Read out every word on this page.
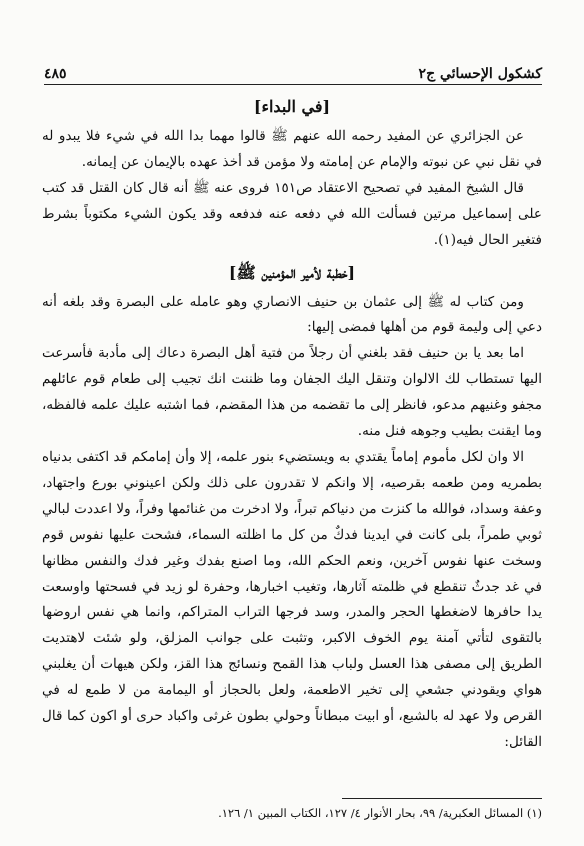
٤٨٥	كشكول الإحسائي ج٢
[في البداء]

عن الجزائري عن المفيد رحمه الله عنهم ﷺ قالوا مهما بدا الله في شيء فلا يبدو له في نقل نبي عن نبوته والإمام عن إمامته ولا مؤمن قد أخذ عهده بالإيمان عن إيمانه.

قال الشيخ المفيد في تصحيح الاعتقاد ص١٥١ فروى عنه ﷺ أنه قال كان القتل قد كتب على إسماعيل مرتين فسألت الله في دفعه عنه فدفعه وقد يكون الشيء مكتوباً بشرط فتغير الحال فيه(١).

[خطبة لأمير المؤمنين ﷺ]

ومن كتاب له ﷺ إلى عثمان بن حنيف الانصاري وهو عامله على البصرة وقد بلغه أنه دعي إلى وليمة قوم من أهلها فمضى إليها:

اما بعد يا بن حنيف فقد بلغني أن رجلاً من فتية أهل البصرة دعاك إلى مأدبة فأسرعت اليها تستطاب لك الالوان وتنقل اليك الجفان وما ظننت انك تجيب إلى طعام قوم عائلهم مجفو وغنيهم مدعو، فانظر إلى ما تقضمه من هذا المقضم، فما اشتبه عليك علمه فالفظه، وما ايقنت بطيب وجوهه فنل منه.

الا وان لكل مأموم إماماً يقتدي به ويستضيء بنور علمه، إلا وأن إمامكم قد اكتفى بدنياه بطمريه ومن طعمه بقرصيه، إلا وانكم لا تقدرون على ذلك ولكن اعينوني بورع واجتهاد، وعفة وسداد، فوالله ما كنزت من دنياكم تبراً، ولا ادخرت من غنائمها وفراً، ولا اعددت لبالي ثوبي طمراً، بلى كانت في ايدينا فدكٌ من كل ما اظلته السماء، فشحت عليها نفوس قوم وسخت عنها نفوس آخرين، ونعم الحكم الله، وما اصنع بفدك وغير فدك والنفس مظانها في غد جدثٌ تنقطع في ظلمته آثارها، وتغيب اخبارها، وحفرة لو زيد في فسحتها واوسعت يدا حافرها لاضغطها الحجر والمدر، وسد فرجها التراب المتراكم، وانما هي نفس اروضها بالتقوى لتأتي آمنة يوم الخوف الاكبر، وتثبت على جوانب المزلق، ولو شئت لاهتديت الطريق إلى مصفى هذا العسل ولباب هذا القمح ونسائج هذا القز، ولكن هيهات أن يغلبني هواي ويقودني جشعي إلى تخير الاطعمة، ولعل بالحجاز أو اليمامة من لا طمع له في القرص ولا عهد له بالشبع، أو ابيت مبطاناً وحولي بطون غرثى واكباد حرى أو اكون كما قال القائل:

(١) المسائل العكبرية/ ٩٩، بحار الأنوار ٤/ ١٢٧، الكتاب المبين ١/ ١٢٦.
